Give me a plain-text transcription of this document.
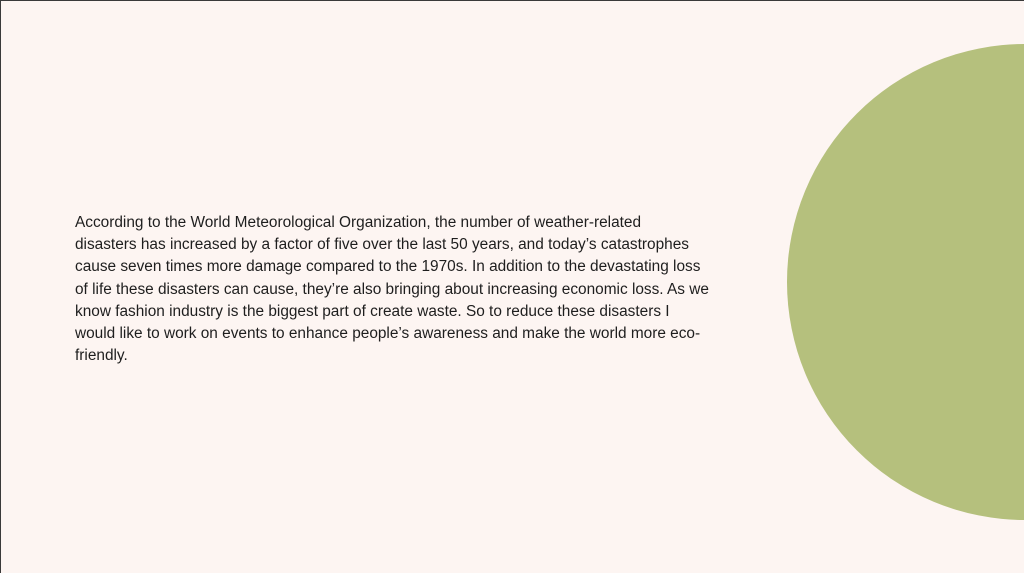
According to the World Meteorological Organization, the number of weather-related
disasters has increased by a factor of five over the last 50 years, and today’s catastrophes
cause seven times more damage compared to the 1970s. In addition to the devastating loss
of life these disasters can cause, they’re also bringing about increasing economic loss. As we
know fashion industry is the biggest part of create waste. So to reduce these disasters I
would like to work on events to enhance people’s awareness and make the world more eco-
friendly.
